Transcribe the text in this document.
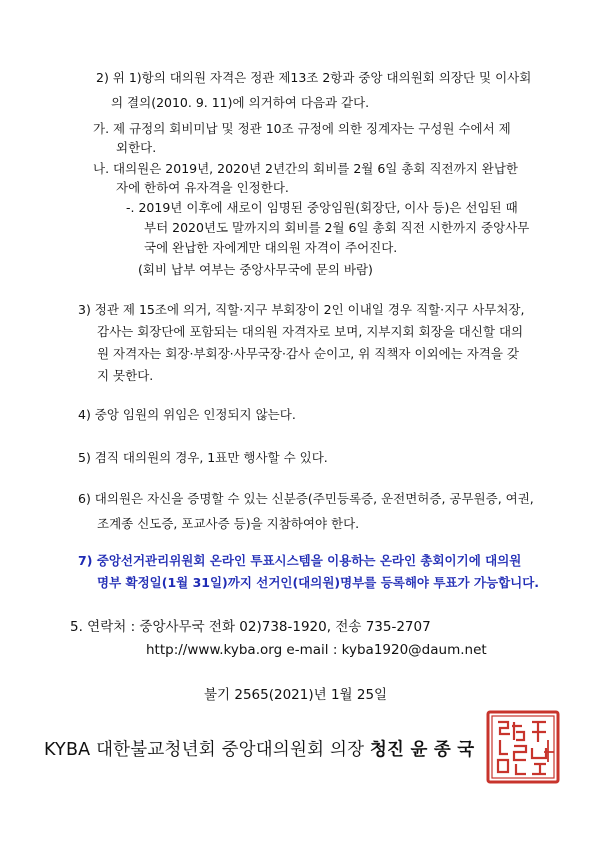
2) 위 1)항의 대의원 자격은 정관 제13조 2항과 중앙 대의원회 의장단 및 이사회
의 결의(2010. 9. 11)에 의거하여 다음과 같다.
가. 제 규정의 회비미납 및 정관 10조 규정에 의한 징계자는 구성원 수에서 제
외한다.
나. 대의원은 2019년, 2020년 2년간의 회비를 2월 6일 총회 직전까지 완납한
자에 한하여 유자격을 인정한다.
-. 2019년 이후에 새로이 임명된 중앙임원(회장단, 이사 등)은 선임된 때
부터 2020년도 말까지의 회비를 2월 6일 총회 직전 시한까지 중앙사무
국에 완납한 자에게만 대의원 자격이 주어진다.
(회비 납부 여부는 중앙사무국에 문의 바람)
3) 정관 제 15조에 의거, 직할·지구 부회장이 2인 이내일 경우 직할·지구 사무처장,
감사는 회장단에 포함되는 대의원 자격자로 보며, 지부지회 회장을 대신할 대의
원 자격자는 회장·부회장·사무국장·감사 순이고, 위 직책자 이외에는 자격을 갖
지 못한다.
4) 중앙 임원의 위임은 인정되지 않는다.
5) 겸직 대의원의 경우, 1표만 행사할 수 있다.
6) 대의원은 자신을 증명할 수 있는 신분증(주민등록증, 운전면허증, 공무원증, 여권,
조계종 신도증, 포교사증 등)을 지참하여야 한다.
7) 중앙선거관리위원회 온라인 투표시스템을 이용하는 온라인 총회이기에 대의원
명부 확정일(1월 31일)까지 선거인(대의원)명부를 등록해야 투표가 가능합니다.
5. 연락처 : 중앙사무국 전화 02)738-1920, 전송 735-2707
http://www.kyba.org e-mail : kyba1920@daum.net
불기 2565(2021)년 1월 25일
KYBA 대한불교청년회 중앙대의원회 의장 청진 윤 종 국
